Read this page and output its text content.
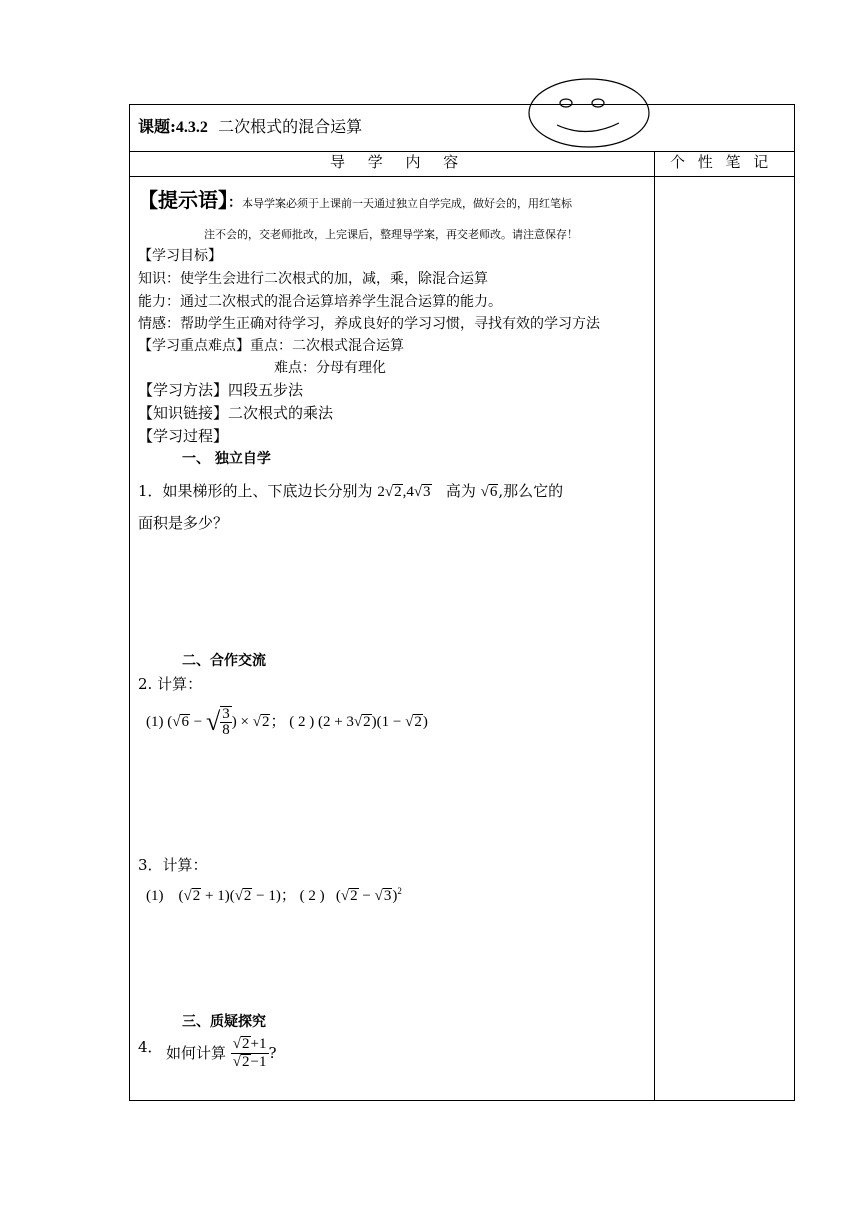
课题:4.3.2 二次根式的混合运算
导 学 内 容	个 性 笔 记
【提示语】：本导学案必须于上课前一天通过独立自学完成，做好会的，用红笔标
注不会的，交老师批改，上完课后，整理导学案，再交老师改。请注意保存！
【学习目标】
知识：使学生会进行二次根式的加，减，乘，除混合运算
能力：通过二次根式的混合运算培养学生混合运算的能力。
情感：帮助学生正确对待学习，养成良好的学习习惯，寻找有效的学习方法
【学习重点难点】重点：二次根式混合运算
难点：分母有理化
【学习方法】四段五步法
【知识链接】二次根式的乘法
【学习过程】
一、 独立自学
1．如果梯形的上、下底边长分别为 2√2,4√3 高为 √6,那么它的
面积是多少？
二、合作交流
2. 计算：
(1) (√6 − √ $\frac{3}{8}$ ) × √2； ( 2 ) (2 + 3√2)(1 − √2)
3．计算：
(1) (√2 + 1)(√2 − 1)； ( 2 ) $(√2 - √3)^2$
三、质疑探究
4． 如何计算 $\frac{√2+1}{√2-1}$ ?
